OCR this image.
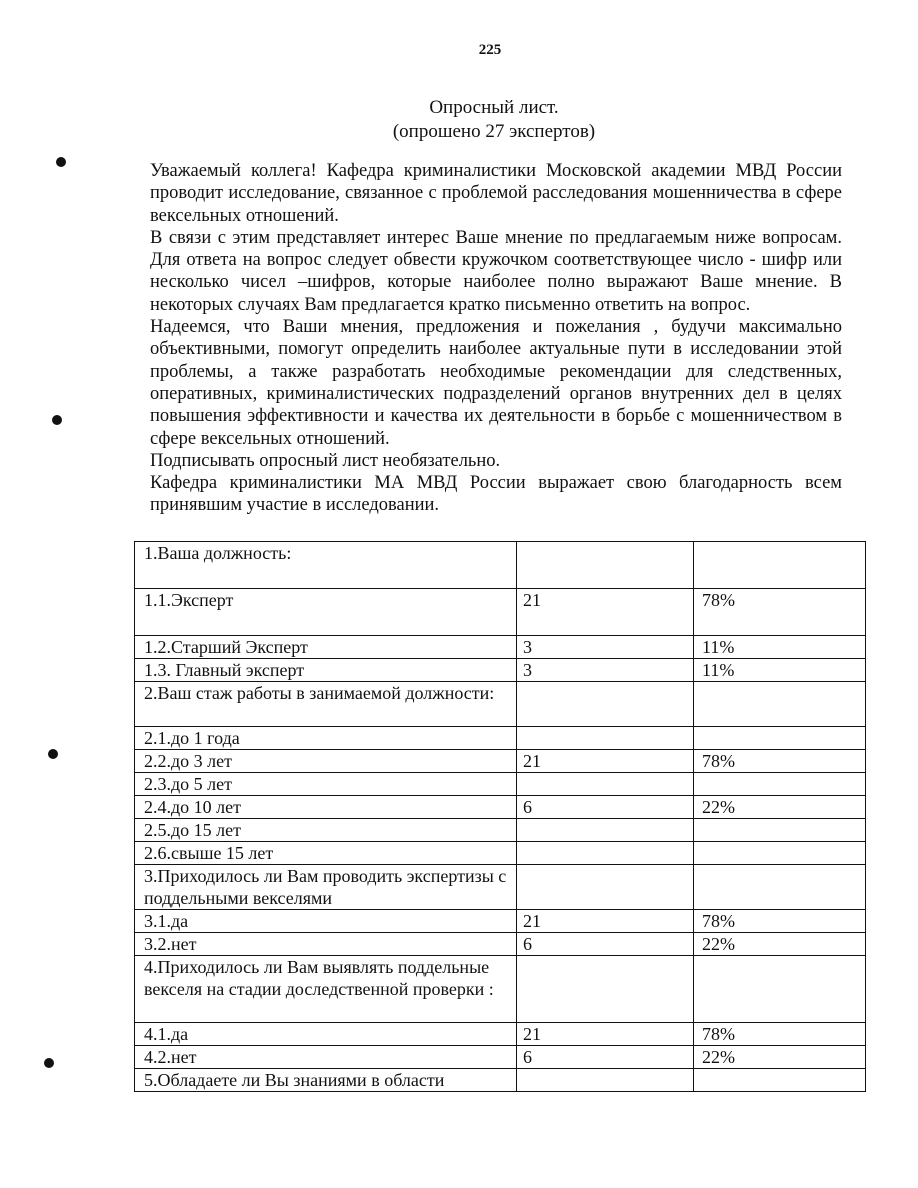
225
Опросный лист.
(опрошено 27 экспертов)

Уважаемый коллега! Кафедра криминалистики Московской академии МВД России проводит исследование, связанное с проблемой расследования мошенничества в сфере вексельных отношений.

В связи с этим представляет интерес Ваше мнение по предлагаемым ниже вопросам. Для ответа на вопрос следует обвести кружочком соответствующее число - шифр или несколько чисел –шифров, которые наиболее полно выражают Ваше мнение. В некоторых случаях Вам предлагается кратко письменно ответить на вопрос.

Надеемся, что Ваши мнения, предложения и пожелания , будучи максимально объективными, помогут определить наиболее актуальные пути в исследовании этой проблемы, а также разработать необходимые рекомендации для следственных, оперативных, криминалистических подразделений органов внутренних дел в целях повышения эффективности и качества их деятельности в борьбе с мошенничеством в сфере вексельных отношений.

Подписывать опросный лист необязательно.

Кафедра криминалистики МА МВД России выражает свою благодарность всем принявшим участие в исследовании.

1.Ваша должность:		
1.1.Эксперт	21	78%
1.2.Старший Эксперт	3	11%
1.3. Главный эксперт	3	11%
2.Ваш стаж работы в занимаемой должности:		
2.1.до 1 года		
2.2.до 3 лет	21	78%
2.3.до 5 лет		
2.4.до 10 лет	6	22%
2.5.до 15 лет		
2.6.свыше 15 лет		
3.Приходилось ли Вам проводить экспертизы с поддельными векселями		
3.1.да	21	78%
3.2.нет	6	22%
4.Приходилось ли Вам выявлять поддельные векселя на стадии доследственной проверки :		
4.1.да	21	78%
4.2.нет	6	22%
5.Обладаете ли Вы знаниями в области		
